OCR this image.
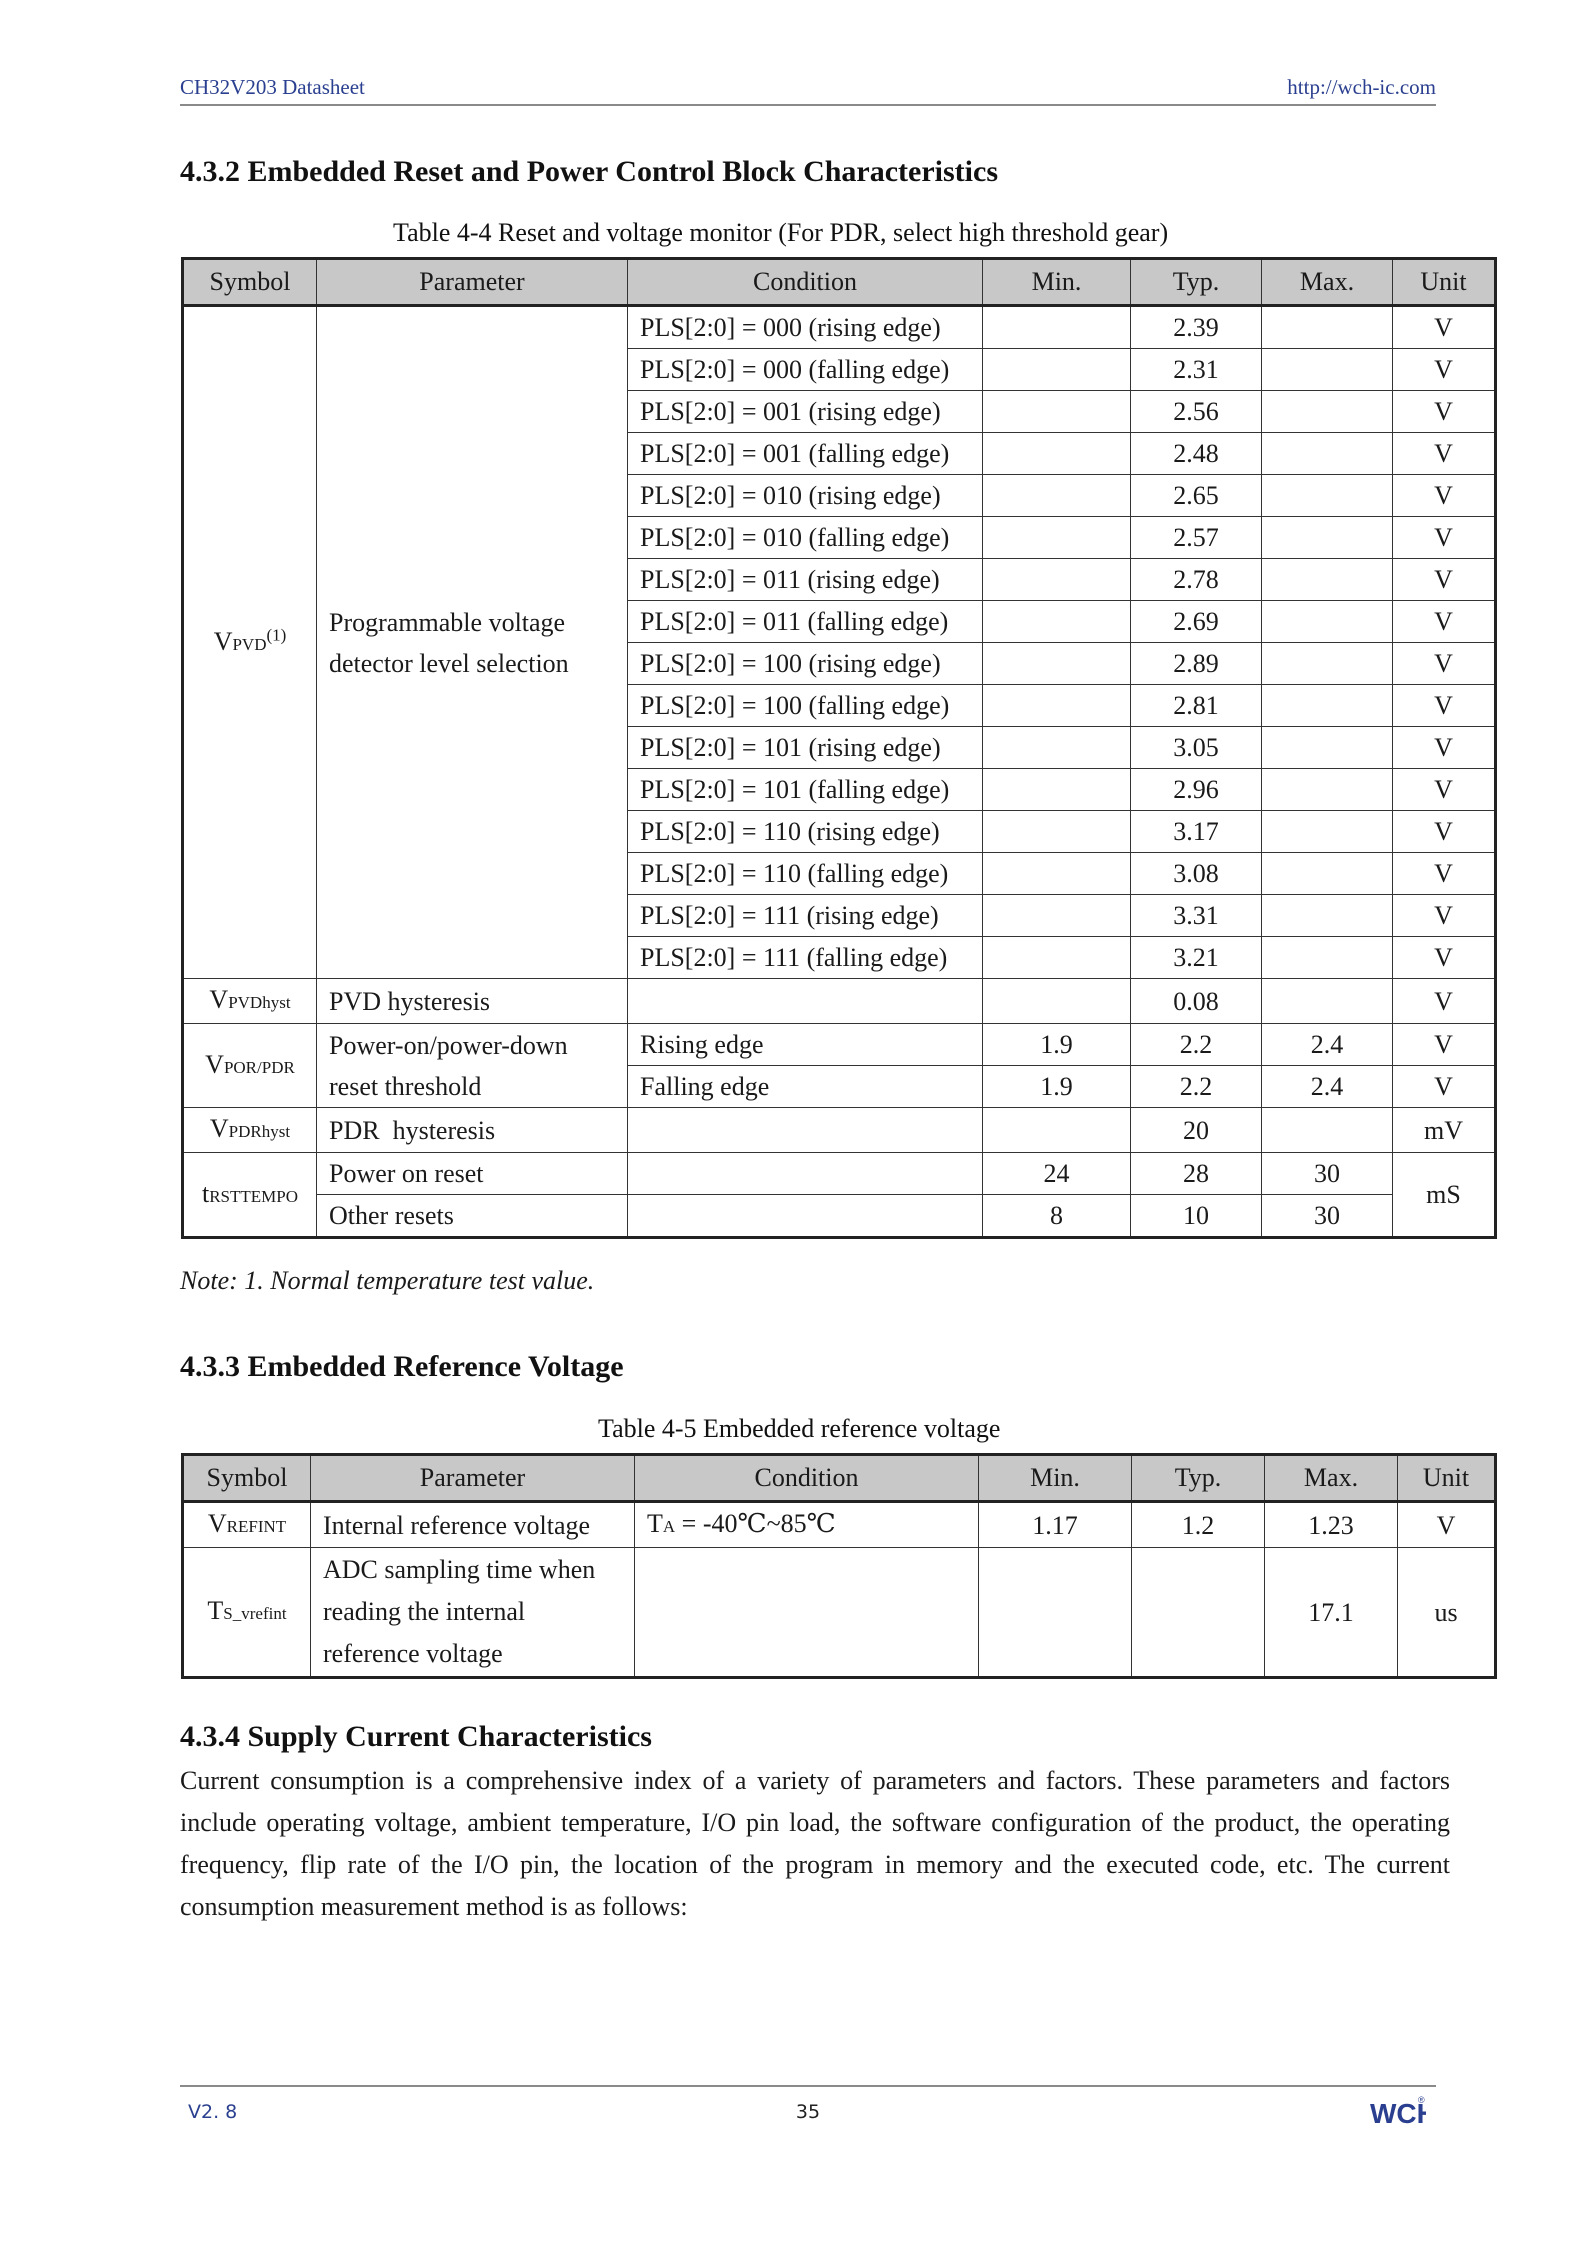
CH32V203 Datasheet	http://wch-ic.com
4.3.2 Embedded Reset and Power Control Block Characteristics
Table 4-4 Reset and voltage monitor (For PDR, select high threshold gear)
Symbol	Parameter	Condition	Min.	Typ.	Max.	Unit
VPVD$^{(1)}$	Programmable voltage
detector level selection	PLS[2:0] = 000 (rising edge)		2.39		V
		PLS[2:0] = 000 (falling edge)		2.31		V
		PLS[2:0] = 001 (rising edge)		2.56		V
		PLS[2:0] = 001 (falling edge)		2.48		V
		PLS[2:0] = 010 (rising edge)		2.65		V
		PLS[2:0] = 010 (falling edge)		2.57		V
		PLS[2:0] = 011 (rising edge)		2.78		V
		PLS[2:0] = 011 (falling edge)		2.69		V
		PLS[2:0] = 100 (rising edge)		2.89		V
		PLS[2:0] = 100 (falling edge)		2.81		V
		PLS[2:0] = 101 (rising edge)		3.05		V
		PLS[2:0] = 101 (falling edge)		2.96		V
		PLS[2:0] = 110 (rising edge)		3.17		V
		PLS[2:0] = 110 (falling edge)		3.08		V
		PLS[2:0] = 111 (rising edge)		3.31		V
		PLS[2:0] = 111 (falling edge)		3.21		V
VPVDhyst	PVD hysteresis			0.08		V
VPOR/PDR	Power-on/power-down
reset threshold	Rising edge	1.9	2.2	2.4	V
		Falling edge	1.9	2.2	2.4	V
VPDRhyst	PDR  hysteresis			20		mV
tRSTTEMPO	Power on reset		24	28	30	mS
	Other resets		8	10	30	
Note: 1. Normal temperature test value.
4.3.3 Embedded Reference Voltage
Table 4-5 Embedded reference voltage
Symbol	Parameter	Condition	Min.	Typ.	Max.	Unit
VREFINT	Internal reference voltage	TA = -40℃~85℃	1.17	1.2	1.23	V
TS_vrefint	ADC sampling time when
reading the internal
reference voltage				17.1	us
4.3.4 Supply Current Characteristics
Current consumption is a comprehensive index of a variety of parameters and factors. These parameters and factors include operating voltage, ambient temperature, I/O pin load, the software configuration of the product, the operating frequency, flip rate of the I/O pin, the location of the program in memory and the executed code, etc. The current consumption measurement method is as follows:
V2. 8	35	WC ®
